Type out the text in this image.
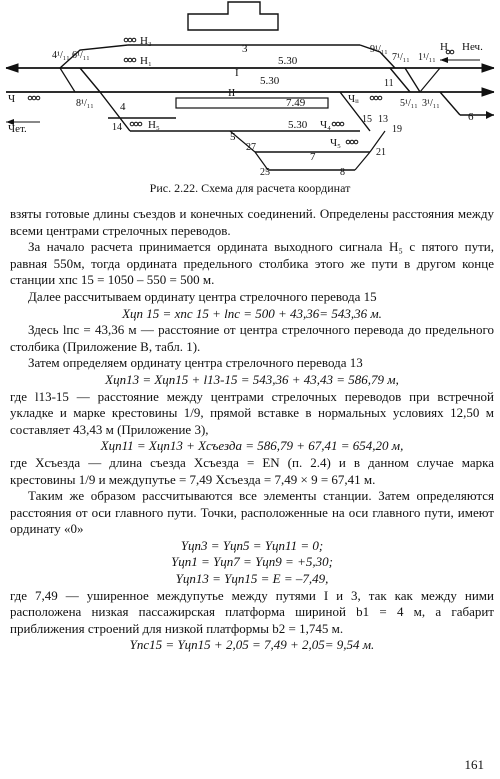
H₃
H₁
3
5.30
I
5.30
II
7.49
4
H₅
5
5.30
7
6
Ч	Чᵢᵢ
Ч₄
Ч₅
H Неч.
Чет.
4¹/₁₁ 6¹/₁₁
8¹/₁₁
9¹/₁₁
7¹/₁₁ 1¹/₁₁
11
5¹/₁₁ 3¹/₁₁
14
15 13
19
27
25	8
21
Рис. 2.22. Схема для расчета координат

взяты готовые длины съездов и конечных соединений. Определены расстояния между всеми центрами стрелочных переводов.

За начало расчета принимается ордината выходного сигнала H₅ с пятого пути, равная 550м, тогда ордината предельного столбика этого же пути в другом конце станции xпс 15 = 1050 – 550 = 500 м.

Далее рассчитываем ординату центра стрелочного перевода 15

Xцп 15 = xпс 15 + lпс = 500 + 43,36= 543,36 м.

Здесь lпс = 43,36 м — расстояние от центра стрелочного перевода до предельного столбика (Приложение В, табл. 1).

Затем определяем ординату центра стрелочного перевода 13

Xцп13 = Xцп15 + l13-15 = 543,36 + 43,43 = 586,79 м,

где l13-15 — расстояние между центрами стрелочных переводов при встречной укладке и марке крестовины 1/9, прямой вставке в нормальных условиях 12,50 м составляет 43,43 м (Приложение 3),

Xцп11 = Xцп13 + Xсъезда = 586,79 + 67,41 = 654,20 м,

где Xсъезда — длина съезда Xсъезда = EN (п. 2.4) и в данном случае марка крестовины 1/9 и междупутье = 7,49 Xсъезда = 7,49 × 9 = 67,41 м.

Таким же образом рассчитываются все элементы станции. Затем определяются расстояния от оси главного пути. Точки, расположенные на оси главного пути, имеют ординату «0»

Yцп3 = Yцп5 = Yцп11 = 0;

Yцп1 = Yцп7 = Yцп9 = +5,30;

Yцп13 = Yцп15 = E = –7,49,

где 7,49 — уширенное междупутье между путями I и 3, так как между ними расположена низкая пассажирская платформа шириной b1 = 4 м, а габарит приближения строений для низкой платформы b2 = 1,745 м.

Yпс15 = Yцп15 + 2,05 = 7,49 + 2,05= 9,54 м.

161
